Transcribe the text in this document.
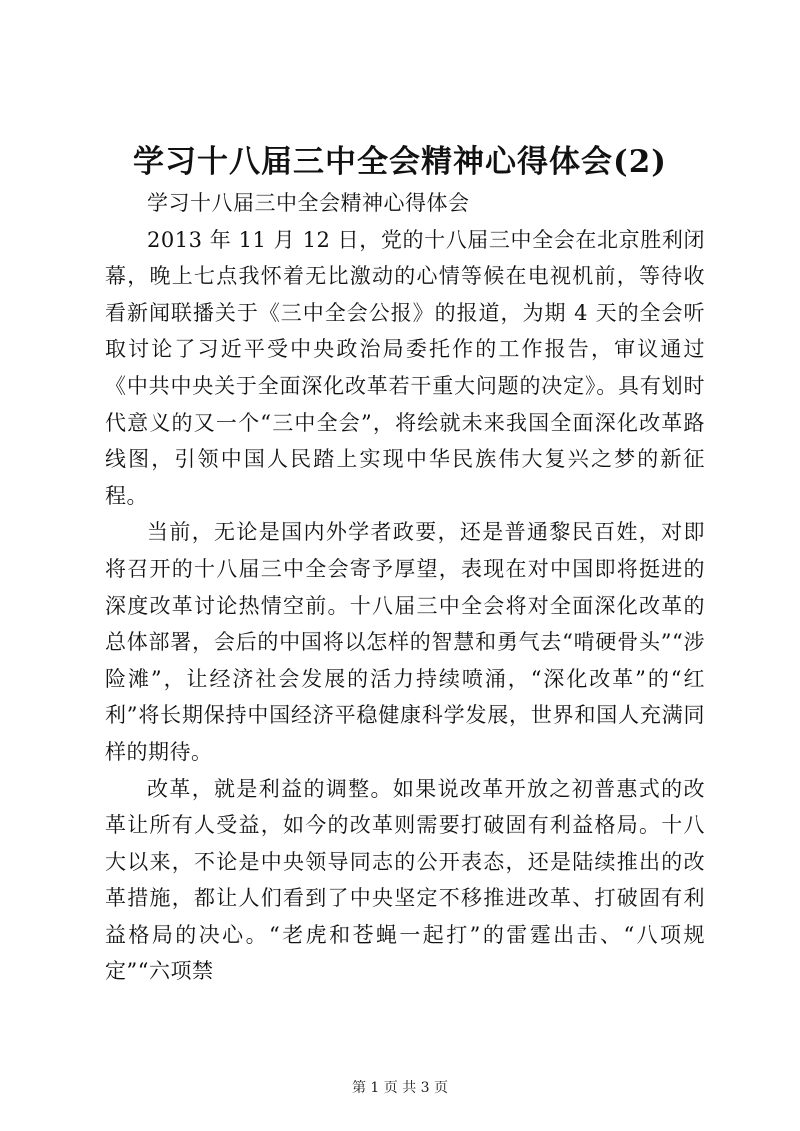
学习十八届三中全会精神心得体会(2)

学习十八届三中全会精神心得体会

2013 年 11 月 12 日，党的十八届三中全会在北京胜利闭幕，晚上七点我怀着无比激动的心情等候在电视机前，等待收看新闻联播关于《三中全会公报》的报道，为期 4 天的全会听取讨论了习近平受中央政治局委托作的工作报告，审议通过《中共中央关于全面深化改革若干重大问题的决定》。具有划时代意义的又一个“三中全会”，将绘就未来我国全面深化改革路线图，引领中国人民踏上实现中华民族伟大复兴之梦的新征程。

当前，无论是国内外学者政要，还是普通黎民百姓，对即将召开的十八届三中全会寄予厚望，表现在对中国即将挺进的深度改革讨论热情空前。十八届三中全会将对全面深化改革的总体部署，会后的中国将以怎样的智慧和勇气去“啃硬骨头”“涉险滩”，让经济社会发展的活力持续喷涌，“深化改革”的“红利”将长期保持中国经济平稳健康科学发展，世界和国人充满同样的期待。

改革，就是利益的调整。如果说改革开放之初普惠式的改革让所有人受益，如今的改革则需要打破固有利益格局。十八大以来，不论是中央领导同志的公开表态，还是陆续推出的改革措施，都让人们看到了中央坚定不移推进改革、打破固有利益格局的决心。“老虎和苍蝇一起打”的雷霆出击、“八项规定”“六项禁

第 1 页 共 3 页
